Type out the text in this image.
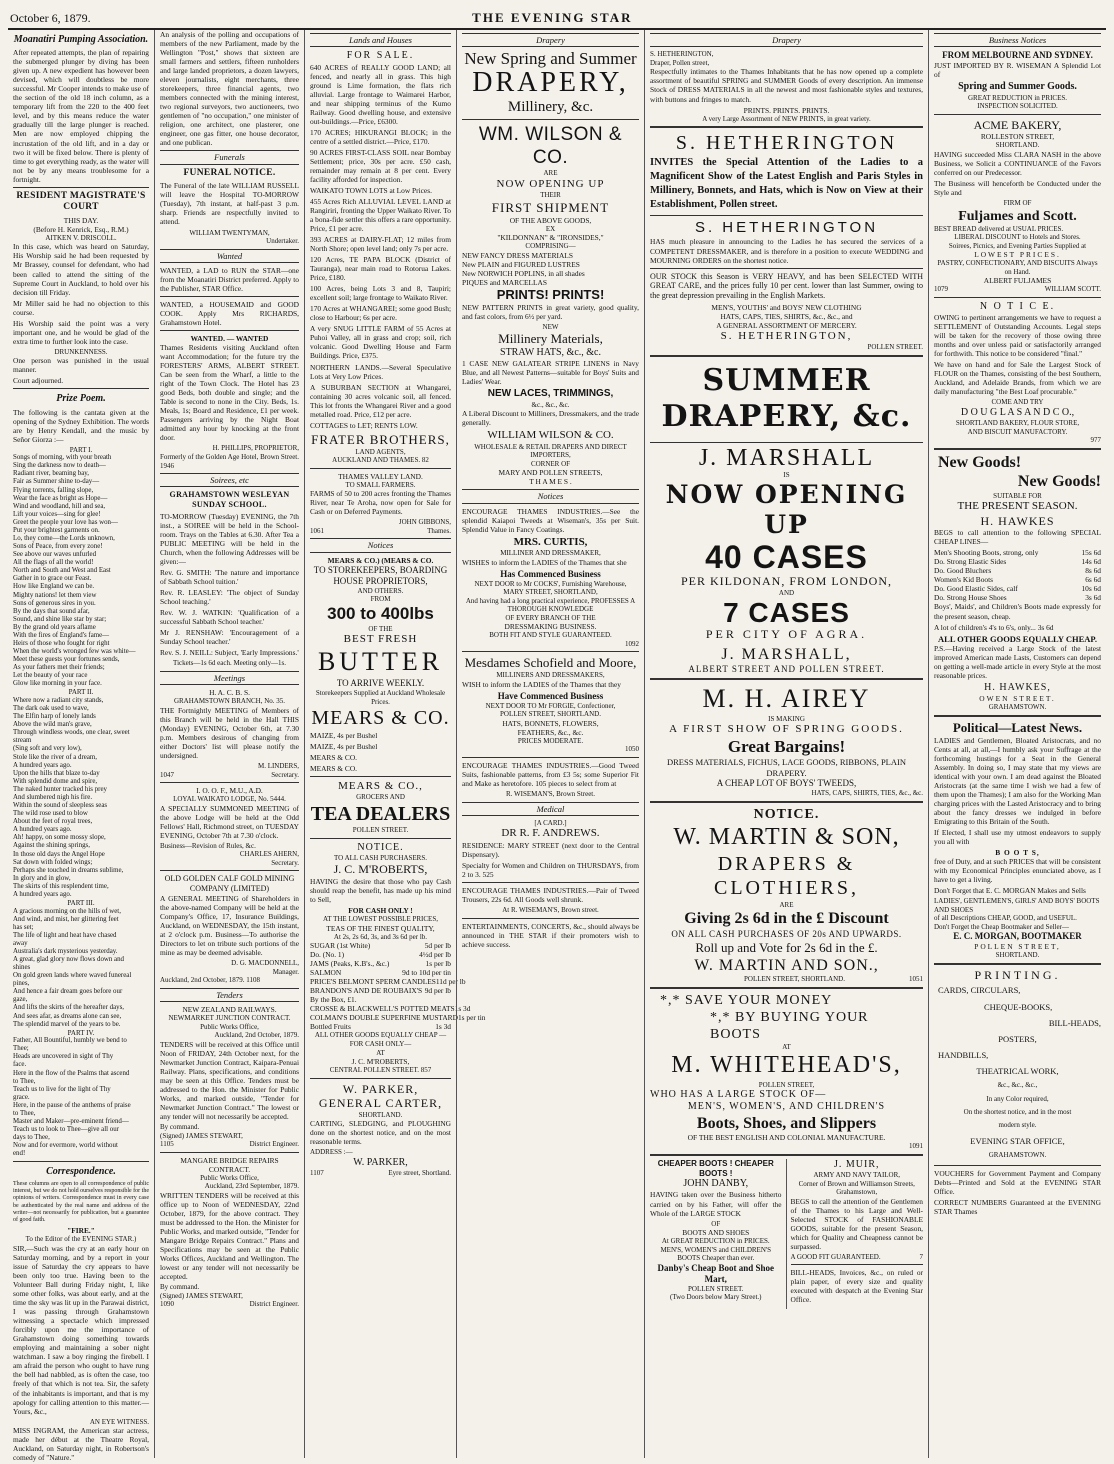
October 6, 1879.	THE EVENING STAR
Moanatiri Pumping Association.

After repeated attempts, the plan of repairing the submerged plunger by diving has been given up. A new expedient has however been devised, which will doubtless be more successful. Mr Cooper intends to make use of the section of the old 18 inch column, as a temporary lift from the 220 to the 400 feet level, and by this means reduce the water gradually till the large plunger is reached. Men are now employed chipping the incrustation of the old lift, and in a day or two it will be fixed below. There is plenty of time to get everything ready, as the water will not be by any means troublesome for a fortnight.

RESIDENT MAGISTRATE'S COURT
THIS DAY.
(Before H. Kenrick, Esq., R.M.)
AITKEN V. DRISCOLL.

In this case, which was heard on Saturday, His Worship said he had been requested by Mr Brassey, counsel for defendant, who had been called to attend the sitting of the Supreme Court in Auckland, to hold over his decision till Friday.

Mr Miller said he had no objection to this course.

His Worship said the point was a very important one, and he would be glad of the extra time to further look into the case.

DRUNKENNESS.

One person was punished in the usual manner.

Court adjourned.

Prize Poem.

The following is the cantata given at the opening of the Sydney Exhibition. The words are by Henry Kendall, and the music by Señor Giorza :—

PART I.
Songs of morning, with your breath
Sing the darkness now to death—
Radiant river, beaming bay,
Fair as Summer shine to-day—
Flying torrents, falling slope,
Wear the face as bright as Hope—
Wind and woodland, hill and sea,
Lift your voices—sing for glee!
Greet the people your love has won—
Put your brightest garments on.
Lo, they come—the Lords unknown,
Sons of Peace, from every zone!
See above our waves unfurled
All the flags of all the world!
North and South and West and East
Gather in to grace our Feast.
How like England we can be.
Mighty nations! let them view
Sons of generous sires in you.
By the days that sound afar,
Sound, and shine like star by star;
By the grand old years aflame
With the fires of England's fame—
Heirs of those who fought for right
When the world's wronged few was white—
Meet these guests your fortunes sends,
As your fathers met their friends;
Let the beauty of your race
Glow like morning in your face.
PART II.
Where now a radiant city stands,
The dark oak used to wave,
The Elfin harp of lonely lands
Above the wild man's grave,
Through windless woods, one clear, sweet
stream
(Sing soft and very low),
Stole like the river of a dream,
A hundred years ago.
Upon the hills that blaze to-day
With splendid dome and spire,
The naked hunter tracked his prey
And slumbered nigh his fire.
Within the sound of sleepless seas
The wild rose used to blow
About the feet of royal trees,
A hundred years ago.
Ah! happy, on some mossy slope,
Against the shining springs,
In those old days the Angel Hope
Sat down with folded wings;
Perhaps she touched in dreams sublime,
In glory and in glow,
The skirts of this resplendent time,
A hundred years ago.
PART III.
A gracious morning on the hills of wet,
And wind, and mist, her glittering feet
has set;
The life of light and heat have chased
away
Australia's dark mysterious yesterday.
A great, glad glory now flows down and
shines
On gold green lands where waved funereal
pines,
And hence a fair dream goes before our
gaze,
And lifts the skirts of the hereafter days,
And sees afar, as dreams alone can see,
The splendid marvel of the years to be.
PART IV.
Father, All Bountiful, humbly we bend to
Thee;
Heads are uncovered in sight of Thy
face.
Here in the flow of the Psalms that ascend
to Thee,
Teach us to live for the light of Thy
grace.
Here, in the pause of the anthems of praise
to Thee,
Master and Maker—pre-eminent friend—
Teach us to look to Thee—give all our
days to Thee,
Now and for evermore, world without
end!
Correspondence.

These columns are open to all correspondence of public interest, but we do not hold ourselves responsible for the opinions of writers. Correspondence must in every case be authenticated by the real name and address of the writer—not necessarily for publication, but a guarantee of good faith.

"FIRE."
To the Editor of the EVENING STAR.)

SIR,—Such was the cry at an early hour on Saturday morning, and by a report in your issue of Saturday the cry appears to have been only too true. Having been to the Volunteer Ball during Friday night, I, like some other folks, was about early, and at the time the sky was lit up in the Parawai district, I was passing through Grahamstown witnessing a spectacle which impressed forcibly upon me the importance of Grahamstown doing something towards employing and maintaining a sober night watchman. I saw a boy ringing the firebell. I am afraid the person who ought to have rung the bell had nabbled, as is often the case, too freely of that which is not tea. Sir, the safety of the inhabitants is important, and that is my apology for calling attention to this matter.—Yours, &c.,

AN EYE WITNESS.

MISS INGRAM, the American star actress, made her début at the Theatre Royal, Auckland, on Saturday night, in Robertson's comedy of "Nature."

An analysis of the polling and occupations of members of the new Parliament, made by the Wellington "Post," shows that sixteen are small farmers and settlers, fifteen runholders and large landed proprietors, a dozen lawyers, eleven journalists, eight merchants, three storekeepers, three financial agents, two members connected with the mining interest, two regional surveyors, two auctioneers, two gentlemen of "no occupation," one minister of religion, one architect, one plasterer, one engineer, one gas fitter, one house decorator, and one publican.

Funerals
FUNERAL NOTICE.

The Funeral of the late WILLIAM RUSSELL will leave the Hospital TO-MORROW (Tuesday), 7th instant, at half-past 3 p.m. sharp. Friends are respectfully invited to attend.

WILLIAM TWENTYMAN,
Undertaker.
Wanted

WANTED, a LAD to RUN the STAR—one from the Moanatiri District preferred. Apply to the Publisher, STAR Office.

WANTED, a HOUSEMAID and GOOD COOK. Apply Mrs RICHARDS, Grahamstown Hotel.

WANTED. — WANTED

Thames Residents visiting Auckland often want Accommodation; for the future try the FORESTERS' ARMS, ALBERT STREET. Can be seen from the Wharf, a little to the right of the Town Clock. The Hotel has 23 good Beds, both double and single; and the Table is second to none in the City. Beds, 1s. Meals, 1s; Board and Residence, £1 per week. Passengers arriving by the Night Boat admitted any hour by knocking at the front door.

H. PHILLIPS, PROPRIETOR,
Formerly of the Golden Age Hotel, Brown Street.
1946
Soirees, etc
GRAHAMSTOWN WESLEYAN SUNDAY SCHOOL.

TO-MORROW (Tuesday) EVENING, the 7th inst., a SOIREE will be held in the School-room. Trays on the Tables at 6.30. After Tea a PUBLIC MEETING will be held in the Church, when the following Addresses will be given:—

Rev. G. SMITH: 'The nature and importance of Sabbath School tuition.'

Rev. R. LEASLEY: 'The object of Sunday School teaching.'

Rev. W. J. WATKIN: 'Qualification of a successful Sabbath School teacher.'

Mr J. RENSHAW: 'Encouragement of a Sunday School teacher.'

Rev. S. J. NEILL: Subject, 'Early Impressions.'

Tickets—1s 6d each. Meeting only—1s.
Meetings
H. A. C. B. S.
GRAHAMSTOWN BRANCH, No. 35.

THE Fortnightly MEETING of Members of this Branch will be held in the Hall THIS (Monday) EVENING, October 6th, at 7.30 p.m. Members desirous of changing from either Doctors' list will please notify the undersigned.

M. LINDERS,
1047	Secretary.
I. O. O. F., M.U., A.D.
LOYAL WAIKATO LODGE, No. 5444.

A SPECIALLY SUMMONED MEETING of the above Lodge will be held at the Odd Fellows' Hall, Richmond street, on TUESDAY EVENING, October 7th at 7.30 o'clock.

Business—Revision of Rules, &c.
CHARLES AHERN,
Secretary.
OLD GOLDEN CALF GOLD MINING COMPANY (LIMITED)

A GENERAL MEETING of Shareholders in the above-named Company will be held at the Company's Office, 17, Insurance Buildings, Auckland, on WEDNESDAY, the 15th instant, at 2 o'clock p.m. Business—To authorise the Directors to let on tribute such portions of the mine as may be deemed advisable.

D. G. MACDONNELL,
Manager.
Auckland, 2nd October, 1879. 1108
Tenders
NEW ZEALAND RAILWAYS.
NEWMARKET JUNCTION CONTRACT.
Public Works Office,
Auckland, 2nd October, 1879.

TENDERS will be received at this Office until Noon of FRIDAY, 24th October next, for the Newmarket Junction Contract, Kaipara-Penuai Railway. Plans, specifications, and conditions may be seen at this Office. Tenders must be addressed to the Hon. the Minister for Public Works, and marked outside, "Tender for Newmarket Junction Contract." The lowest or any tender will not necessarily be accepted.

By command.
(Signed) JAMES STEWART,
1105	District Engineer.
MANGARE BRIDGE REPAIRS CONTRACT.
Public Works Office,
Auckland, 23rd September, 1879.

WRITTEN TENDERS will be received at this office up to Noon of WEDNESDAY, 22nd October, 1879, for the above contract. They must be addressed to the Hon. the Minister for Public Works, and marked outside, "Tender for Mangare Bridge Repairs Contract." Plans and Specifications may be seen at the Public Works Offices, Auckland and Wellington. The lowest or any tender will not necessarily be accepted.

By command.
(Signed) JAMES STEWART,
1090	District Engineer.
Lands and Houses
FOR SALE.

640 ACRES of REALLY GOOD LAND; all fenced, and nearly all in grass. This high ground is Lime formation, the flats rich alluvial. Large frontage to Waimarei Harbor, and near shipping terminus of the Kumo Railway. Good dwelling house, and extensive out-buildings.—Price, £6300.

170 ACRES; HIKURANGI BLOCK; in the centre of a settled district.—Price, £170.

90 ACRES FIRST-CLASS SOIL near Bombay Settlement; price, 30s per acre. £50 cash, remainder may remain at 8 per cent. Every facility afforded for inspection.

WAIKATO TOWN LOTS at Low Prices.

455 Acres Rich ALLUVIAL LEVEL LAND at Rangiriri, fronting the Upper Waikato River. To a bona-fide settler this offers a rare opportunity. Price, £1 per acre.

393 ACRES at DAIRY-FLAT; 12 miles from North Shore; open level land; only 7s per acre.

120 Acres, TE PAPA BLOCK (District of Tauranga), near main road to Rotorua Lakes. Price, £180.

100 Acres, being Lots 3 and 8, Taupiri; excellent soil; large frontage to Waikato River.

170 Acres at WHANGAREI; some good Bush; close to Harbour; 6s per acre.

A very SNUG LITTLE FARM of 55 Acres at Puhoi Valley, all in grass and crop; soil, rich volcanic. Good Dwelling House and Farm Buildings. Price, £375.

NORTHERN LANDS.—Several Speculative Lots at Very Low Prices.

A SUBURBAN SECTION at Whangarei, containing 30 acres volcanic soil, all fenced. This lot fronts the Whangarei River and a good metalled road. Price, £12 per acre.

COTTAGES to LET; RENTS LOW.

FRATER BROTHERS,
LAND AGENTS,
AUCKLAND AND THAMES. 82
THAMES VALLEY LAND.
TO SMALL FARMERS.

FARMS of 50 to 200 acres fronting the Thames River, near Te Aroha, now open for Sale for Cash or on Deferred Payments.

JOHN GIBBONS,
1061	Thames.
Notices
MEARS & CO.) (MEARS & CO.
TO STOREKEEPERS, BOARDING HOUSE PROPRIETORS,
AND OTHERS.
FROM
300 to 400lbs
OF THE
BEST FRESH
BUTTER
TO ARRIVE WEEKLY.
Storekeepers Supplied at Auckland Wholesale Prices.
MEARS & CO.

MAIZE, 4s per Bushel

MAIZE, 4s per Bushel

MEARS & CO.

MEARS & CO.

MEARS & CO.,
GROCERS AND
TEA DEALERS
POLLEN STREET.
NOTICE.
TO ALL CASH PURCHASERS.
J. C. M'ROBERTS,

HAVING the desire that those who pay Cash should reap the benefit, has made up his mind to Sell,

FOR CASH ONLY !
AT THE LOWEST POSSIBLE PRICES,
TEAS OF THE FINEST QUALITY,
At 2s, 2s 6d, 3s, and 3s 6d per lb.
SUGAR (1st White)	5d per lb
Do. (No. 1)	4½d per lb
JAMS (Peaks, K.B's., &c.)	1s per lb
SALMON	9d to 10d per tin
PRICE'S BELMONT SPERM CANDLES 11d per lb
BRANDON'S AND DE ROUBAIX'S 9d per lb
By the Box, £1.
CROSSE & BLACKWELL'S POTTED MEATS 1s 3d
COLMAN'S DOUBLE SUPERFINE MUSTARD 1s per tin
Bottled Fruits	1s 3d
ALL OTHER GOODS EQUALLY CHEAP —FOR CASH ONLY—
AT
J. C. M'ROBERTS,
CENTRAL POLLEN STREET. 857
W. PARKER,
GENERAL CARTER,
SHORTLAND.

CARTING, SLEDGING, and PLOUGHING done on the shortest notice, and on the most reasonable terms.

ADDRESS :—
W. PARKER,
1107	Eyre street, Shortland.
Drapery
New Spring and Summer
DRAPERY,
Millinery, &c.
WM. WILSON & CO.
ARE
NOW OPENING UP
THEIR
FIRST SHIPMENT
OF THE ABOVE GOODS,
EX
"KILDONNAN" & "IRONSIDES,"
COMPRISING—
NEW FANCY DRESS MATERIALS
New PLAIN and FIGURED LUSTRES
New NORWICH POPLINS, in all shades
PIQUES and MARCELLAS
PRINTS! PRINTS!

NEW PATTERN PRINTS in great variety, good quality, and fast colors, from 6½ per yard.

NEW
Millinery Materials,
STRAW HATS, &c., &c.

1 CASE NEW GALATEAR STRIPE LINENS in Navy Blue, and all Newest Patterns—suitable for Boys' Suits and Ladies' Wear.

NEW LACES, TRIMMINGS,
&c., &c., &c.

A Liberal Discount to Milliners, Dressmakers, and the trade generally.

WILLIAM WILSON & CO.
WHOLESALE & RETAIL DRAPERS AND DIRECT IMPORTERS,
CORNER OF
MARY AND POLLEN STREETS,
T H A M E S .
Notices

ENCOURAGE THAMES INDUSTRIES.—See the splendid Kaiapoi Tweeds at Wiseman's, 35s per Suit. Splendid Value in Fancy Coatings.

MRS. CURTIS,
MILLINER AND DRESSMAKER,

WISHES to inform the LADIES of the Thames that she

Has Commenced Business
NEXT DOOR to Mr COCKS', Furnishing Warehouse,
MARY STREET, SHORTLAND,
And having had a long practical experience, PROFESSES A THOROUGH KNOWLEDGE
OF EVERY BRANCH OF THE
DRESSMAKING BUSINESS.
BOTH FIT AND STYLE GUARANTEED.
1092
Mesdames Schofield and Moore,
MILLINERS AND DRESSMAKERS,

WISH to inform the LADIES of the Thames that they

Have Commenced Business
NEXT DOOR TO Mr FORGIE, Confectioner,
POLLEN STREET, SHORTLAND.
HATS, BONNETS, FLOWERS,
FEATHERS, &c., &c.
PRICES MODERATE.
1050

ENCOURAGE THAMES INDUSTRIES.—Good Tweed Suits, fashionable patterns, from £3 5s; some Superior Fit and Make as heretofore. 105 pieces to select from at

R. WISEMAN'S, Brown Street.
Medical
[A CARD.]
DR R. F. ANDREWS.

RESIDENCE: MARY STREET (next door to the Central Dispensary).

Specialty for Women and Children on THURSDAYS, from 2 to 3. 525

ENCOURAGE THAMES INDUSTRIES.—Pair of Tweed Trousers, 22s 6d. All Goods well shrunk.

At R. WISEMAN'S, Brown street.

ENTERTAINMENTS, CONCERTS, &c., should always be announced in THE STAR if their promoters wish to achieve success.

Drapery
S. HETHERINGTON,
Draper, Pollen street,

Respectfully intimates to the Thames Inhabitants that he has now opened up a complete assortment of beautiful SPRING and SUMMER Goods of every description. An immense Stock of DRESS MATERIALS in all the newest and most fashionable styles and textures, with buttons and fringes to match.

PRINTS. PRINTS. PRINTS.
A very Large Assortment of NEW PRINTS, in great variety.
S. HETHERINGTON

INVITES the Special Attention of the Ladies to a Magnificent Show of the Latest English and Paris Styles in Millinery, Bonnets, and Hats, which is Now on View at their Establishment, Pollen street.

S. HETHERINGTON

HAS much pleasure in announcing to the Ladies he has secured the services of a COMPETENT DRESSMAKER, and is therefore in a position to execute WEDDING and MOURNING ORDERS on the shortest notice.

OUR STOCK this Season is VERY HEAVY, and has been SELECTED WITH GREAT CARE, and the prices fully 10 per cent. lower than last Summer, owing to the great depression prevailing in the English Markets.

MEN'S, YOUTHS' and BOYS' NEW CLOTHING
HATS, CAPS, TIES, SHIRTS, &c., &c., and
A GENERAL ASSORTMENT OF MERCERY.
S. HETHERINGTON,
POLLEN STREET.
SUMMER DRAPERY, &c.
J. MARSHALL
IS
NOW OPENING UP
40 CASES
PER KILDONAN, FROM LONDON,
AND
7 CASES
PER CITY OF AGRA.
J. MARSHALL,
ALBERT STREET AND POLLEN STREET.
M. H. AIREY
IS MAKING
A FIRST SHOW OF SPRING GOODS.
Great Bargains!
DRESS MATERIALS, FICHUS, LACE GOODS, RIBBONS, PLAIN DRAPERY.
A CHEAP LOT OF BOYS' TWEEDS,
HATS, CAPS, SHIRTS, TIES, &c., &c.
NOTICE.
W. MARTIN & SON,
DRAPERS & CLOTHIERS,
ARE
Giving 2s 6d in the £ Discount
ON ALL CASH PURCHASES OF 20s AND UPWARDS.
Roll up and Vote for 2s 6d in the £.
W. MARTIN AND SON.,
POLLEN STREET, SHORTLAND.	1051
*,* SAVE YOUR MONEY
*,* BY BUYING YOUR BOOTS
AT
M. WHITEHEAD'S,
POLLEN STREET,
WHO HAS A LARGE STOCK OF—
MEN'S, WOMEN'S, AND CHILDREN'S
Boots, Shoes, and Slippers
OF THE BEST ENGLISH AND COLONIAL MANUFACTURE.
1091
CHEAPER BOOTS ! CHEAPER BOOTS !
JOHN DANBY,

HAVING taken over the Business hitherto carried on by his Father, will offer the Whole of the LARGE STOCK

OF
BOOTS AND SHOES
At GREAT REDUCTION in PRICES.
MEN'S, WOMEN'S and CHILDREN'S BOOTS Cheaper than ever.
Danby's Cheap Boot and Shoe Mart,
POLLEN STREET.
(Two Doors below Mary Street.)
J. MUIR,
ARMY AND NAVY TAILOR,
Corner of Brown and Williamson Streets, Grahamstown,

BEGS to call the attention of the Gentlemen of the Thames to his Large and Well-Selected STOCK of FASHIONABLE GOODS, suitable for the present Season, which for Quality and Cheapness cannot be surpassed.

A GOOD FIT GUARANTEED.	7

BILL-HEADS, Invoices, &c., on ruled or plain paper, of every size and quality executed with despatch at the Evening Star Office.

Business Notices
FROM MELBOURNE AND SYDNEY.

JUST IMPORTED BY R. WISEMAN A Splendid Lot of

Spring and Summer Goods.
GREAT REDUCTION in PRICES.
INSPECTION SOLICITED.
ACME BAKERY,
ROLLESTON STREET,
SHORTLAND.

HAVING succeeded Miss CLARA NASH in the above Business, we Solicit a CONTINUANCE of the Favors conferred on our Predecessor.

The Business will henceforth be Conducted under the Style and

FIRM OF
Fuljames and Scott.
BEST BREAD delivered at USUAL PRICES.
LIBERAL DISCOUNT to Hotels and Stores.
Soirees, Picnics, and Evening Parties Supplied at
LOWEST PRICES.
PASTRY, CONFECTIONARY, AND BISCUITS Always on Hand.
ALBERT FULJAMES
1079	WILLIAM SCOTT.
N O T I C E.

OWING to pertinent arrangements we have to request a SETTLEMENT of Outstanding Accounts. Legal steps will be taken for the recovery of those owing three months and over unless paid or satisfactorily arranged for forthwith. This notice to be considered "final."

We have on hand and for Sale the Largest Stock of FLOUR on the Thames, consisting of the best Southern, Auckland, and Adelaide Brands, from which we are daily manufacturing "the Best Loaf procurable."

COME AND TRY
D O U G L A S A N D C O.,
SHORTLAND BAKERY, FLOUR STORE,
AND BISCUIT MANUFACTORY.
977
New Goods!
New Goods!
SUITABLE FOR
THE PRESENT SEASON.
H. HAWKES

BEGS to call attention to the following SPECIAL CHEAP LINES—

Men's Shooting Boots, strong, only	15s 6d
Do. Strong Elastic Sides	14s 6d
Do. Good Bluchers	8s 6d
Women's Kid Boots	6s 6d
Do. Good Elastic Sides, calf	10s 6d
Do. Strong House Shoes	3s 6d

Boys', Maids', and Children's Boots made expressly for the present season, cheap.

A lot of children's 4's to 6's, only... 3s 6d

ALL OTHER GOODS EQUALLY CHEAP.

P.S.—Having received a Large Stock of the latest improved American made Lasts, Customers can depend on getting a well-made article in every Style at the most reasonable prices.

H. HAWKES,
OWEN STREET.
GRAHAMSTOWN.
Political—Latest News.

LADIES and Gentlemen, Bloated Aristocrats, and no Cents at all, at all,—I humbly ask your Suffrage at the forthcoming hustings for a Seat in the General Assembly. In doing so, I may state that my views are identical with your own. I am dead against the Bloated Aristocrats (at the same time I wish we had a few of them upon the Thames); I am also for the Working Man charging prices with the Lasted Aristocracy and to bring about the fancy dresses we indulged in before Emigrating to this Britain of the South.

If Elected, I shall use my utmost endeavors to supply you all with

B O O T S,

free of Duty, and at such PRICES that will be consistent with my Economical Principles enunciated above, as I have to get a living.

Don't Forget that E. C. MORGAN Makes and Sells

LADIES', GENTLEMEN'S, GIRLS' AND BOYS' BOOTS AND SHOES
of all Descriptions CHEAP, GOOD, and USEFUL.
Don't Forget the Cheap Bootmaker and Seller—
E. C. MORGAN, BOOTMAKER
POLLEN STREET,
SHORTLAND.
PRINTING.
CARDS, CIRCULARS,
CHEQUE-BOOKS,
BILL-HEADS,
POSTERS,
HANDBILLS,
THEATRICAL WORK,
&c., &c., &c.,
In any Color required,
On the shortest notice, and in the most
modern style.
EVENING STAR OFFICE,
GRAHAMSTOWN.

VOUCHERS for Government Payment and Company Debts—Printed and Sold at the EVENING STAR Office.

CORRECT NUMBERS Guaranteed at the EVENING STAR Thames
